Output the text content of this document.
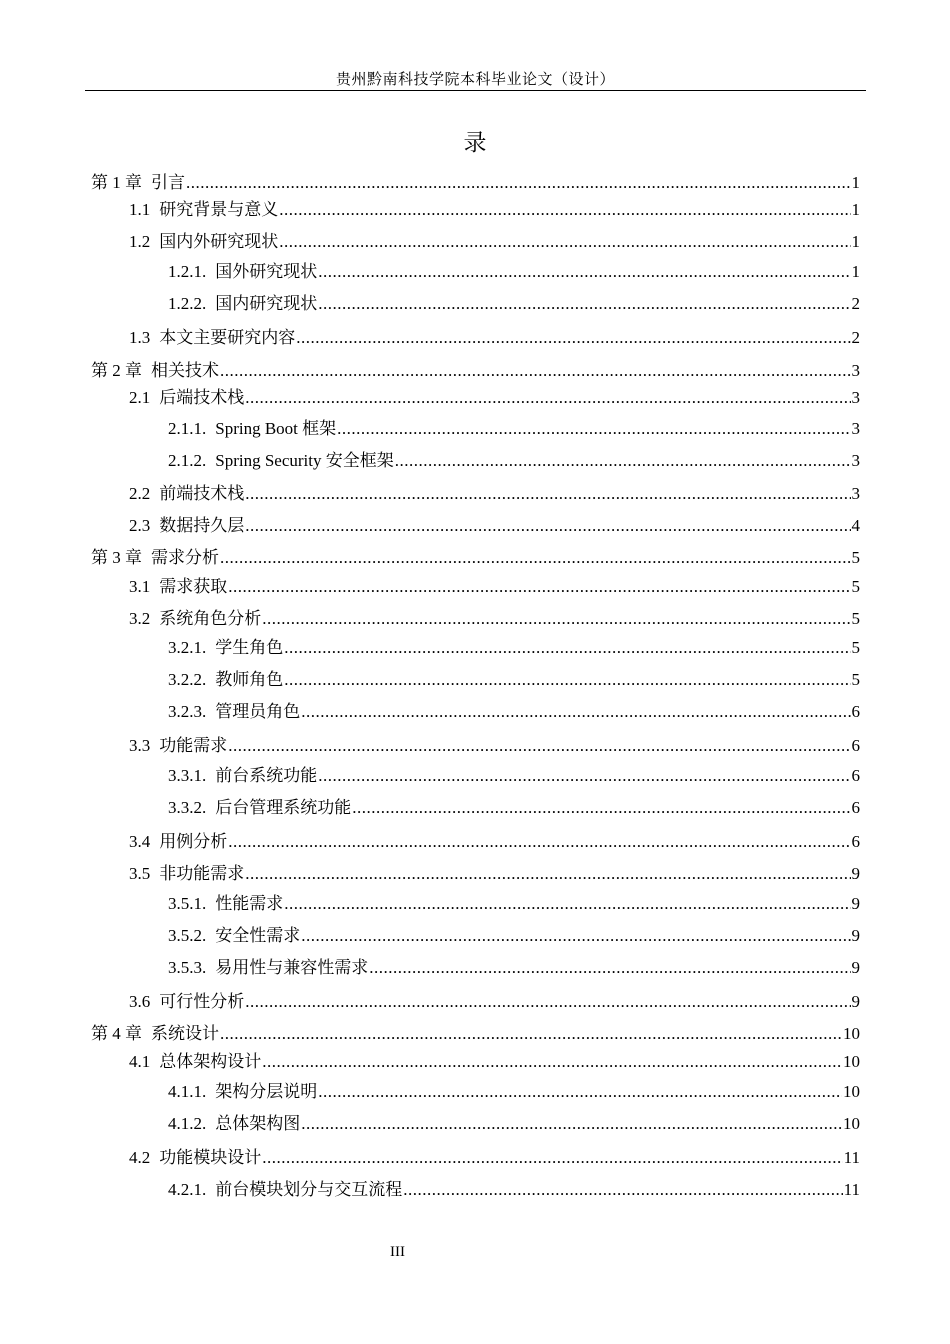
贵州黔南科技学院本科毕业论文（设计）
录
第 1 章 引言 .....	1
1.1 研究背景与意义 .....	1
1.2 国内外研究现状 .....	1
1.2.1. 国外研究现状 .....	1
1.2.2. 国内研究现状 .....	2
1.3 本文主要研究内容 .....	2
第 2 章 相关技术 .....	3
2.1 后端技术栈 .....	3
2.1.1. Spring Boot 框架 .....	3
2.1.2. Spring Security 安全框架 .....	3
2.2 前端技术栈 .....	3
2.3 数据持久层 .....	4
第 3 章 需求分析 .....	5
3.1 需求获取 .....	5
3.2 系统角色分析 .....	5
3.2.1. 学生角色 .....	5
3.2.2. 教师角色 .....	5
3.2.3. 管理员角色 .....	6
3.3 功能需求 .....	6
3.3.1. 前台系统功能 .....	6
3.3.2. 后台管理系统功能 .....	6
3.4 用例分析 .....	6
3.5 非功能需求 .....	9
3.5.1. 性能需求 .....	9
3.5.2. 安全性需求 .....	9
3.5.3. 易用性与兼容性需求 .....	9
3.6 可行性分析 .....	9
第 4 章 系统设计 .....	10
4.1 总体架构设计 .....	10
4.1.1. 架构分层说明 .....	10
4.1.2. 总体架构图 .....	10
4.2 功能模块设计 .....	11
4.2.1. 前台模块划分与交互流程 .....	11
III
